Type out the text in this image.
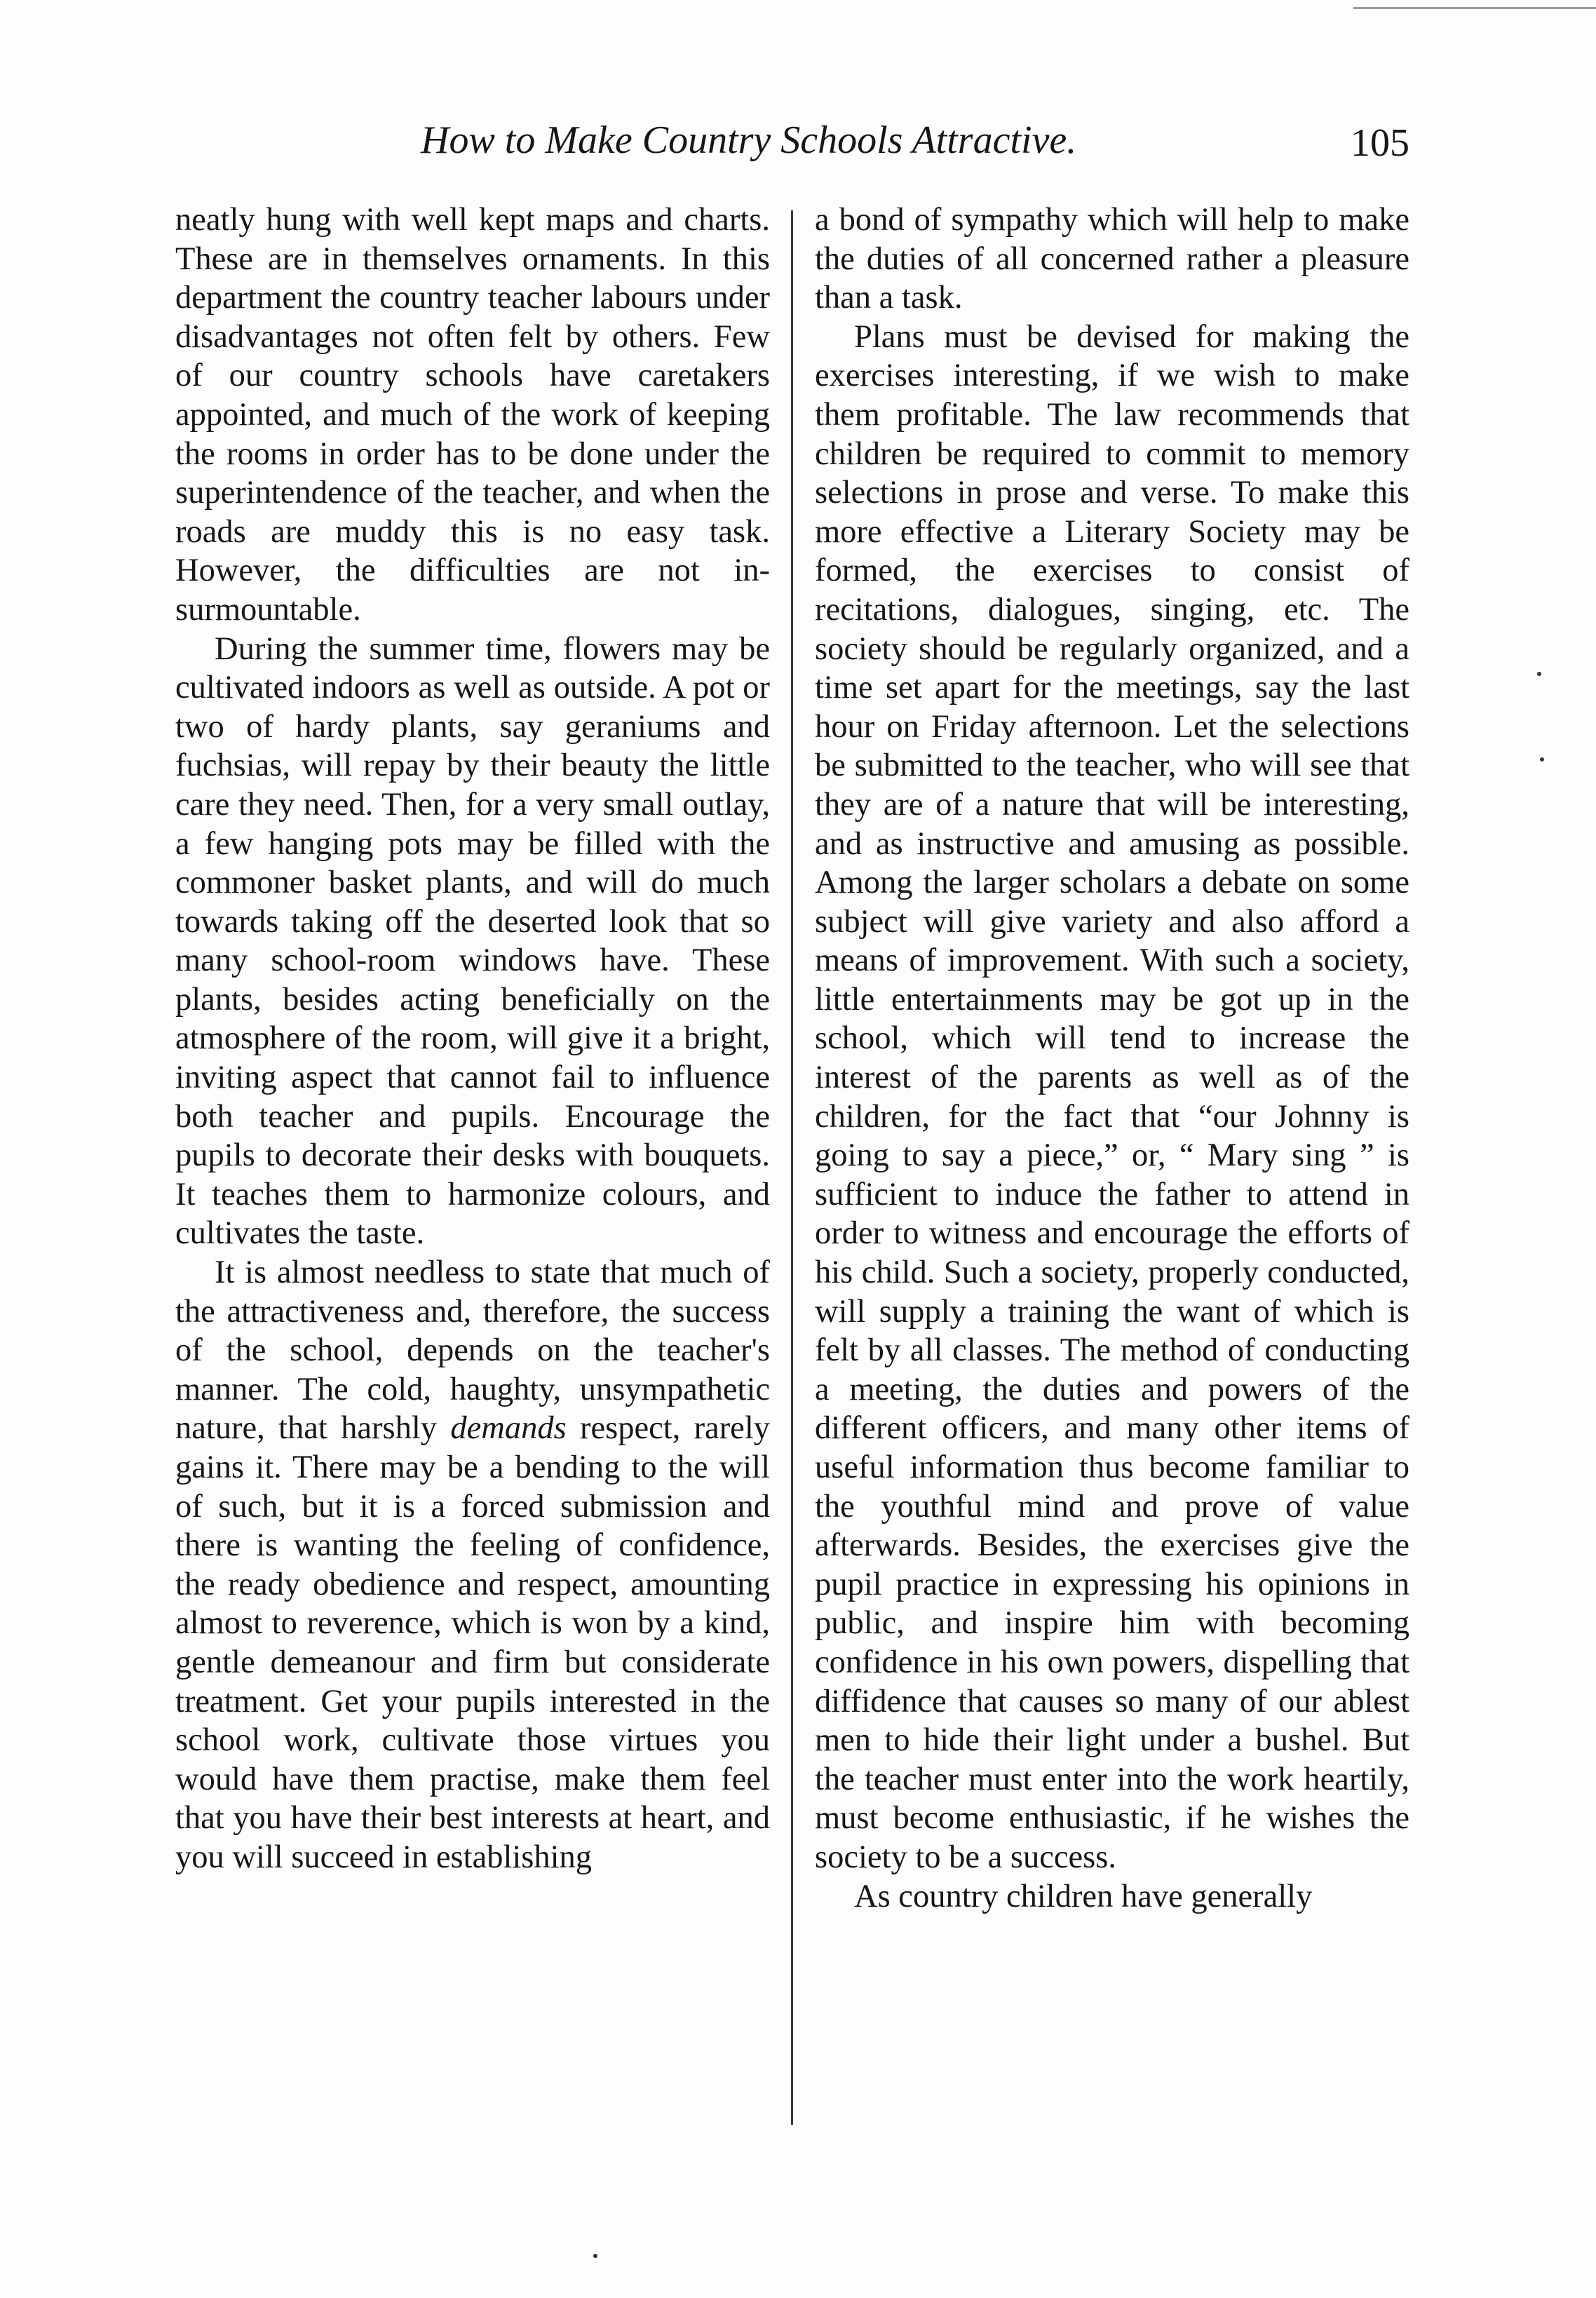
How to Make Country Schools Attractive.	105

neatly hung with well kept maps and charts. These are in themselves ornaments. In this department the country teacher labours under disadvantages not often felt by others. Few of our country schools have caretakers appointed, and much of the work of keeping the rooms in order has to be done under the superintendence of the teacher, and when the roads are muddy this is no easy task. However, the difficulties are not insurmountable.

During the summer time, flowers may be cultivated indoors as well as outside. A pot or two of hardy plants, say geraniums and fuchsias, will repay by their beauty the little care they need. Then, for a very small outlay, a few hanging pots may be filled with the commoner basket plants, and will do much towards taking off the deserted look that so many school-room windows have. These plants, besides acting beneficially on the atmosphere of the room, will give it a bright, inviting aspect that cannot fail to influence both teacher and pupils. Encourage the pupils to decorate their desks with bouquets. It teaches them to harmonize colours, and cultivates the taste.

It is almost needless to state that much of the attractiveness and, therefore, the success of the school, depends on the teacher's manner. The cold, haughty, unsympathetic nature, that harshly demands respect, rarely gains it. There may be a bending to the will of such, but it is a forced submission and there is wanting the feeling of confidence, the ready obedience and respect, amounting almost to reverence, which is won by a kind, gentle demeanour and firm but considerate treatment. Get your pupils interested in the school work, cultivate those virtues you would have them practise, make them feel that you have their best interests at heart, and you will succeed in establishing

a bond of sympathy which will help to make the duties of all concerned rather a pleasure than a task.

Plans must be devised for making the exercises interesting, if we wish to make them profitable. The law recommends that children be required to commit to memory selections in prose and verse. To make this more effective a Literary Society may be formed, the exercises to consist of recitations, dialogues, singing, etc. The society should be regularly organized, and a time set apart for the meetings, say the last hour on Friday afternoon. Let the selections be submitted to the teacher, who will see that they are of a nature that will be interesting, and as instructive and amusing as possible. Among the larger scholars a debate on some subject will give variety and also afford a means of improvement. With such a society, little entertainments may be got up in the school, which will tend to increase the interest of the parents as well as of the children, for the fact that “our Johnny is going to say a piece,” or, “ Mary sing ” is sufficient to induce the father to attend in order to witness and encourage the efforts of his child. Such a society, properly conducted, will supply a training the want of which is felt by all classes. The method of conducting a meeting, the duties and powers of the different officers, and many other items of useful information thus become familiar to the youthful mind and prove of value afterwards. Besides, the exercises give the pupil practice in expressing his opinions in public, and inspire him with becoming confidence in his own powers, dispelling that diffidence that causes so many of our ablest men to hide their light under a bushel. But the teacher must enter into the work heartily, must become enthusiastic, if he wishes the society to be a success.

As country children have generally
